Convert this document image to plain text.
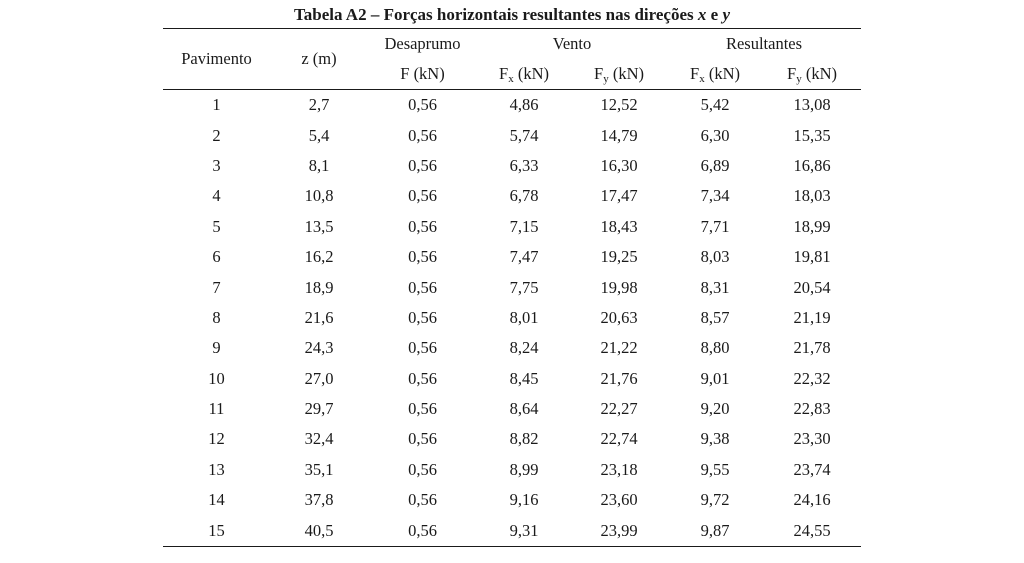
Tabela A2 – Forças horizontais resultantes nas direções x e y
Pavimento	z (m)	Desaprumo	Vento		Resultantes	
		F (kN)	$F_x$ (kN)	$F_y$ (kN)	$F_x$ (kN)	$F_y$ (kN)
1	2,7	0,56	4,86	12,52	5,42	13,08
2	5,4	0,56	5,74	14,79	6,30	15,35
3	8,1	0,56	6,33	16,30	6,89	16,86
4	10,8	0,56	6,78	17,47	7,34	18,03
5	13,5	0,56	7,15	18,43	7,71	18,99
6	16,2	0,56	7,47	19,25	8,03	19,81
7	18,9	0,56	7,75	19,98	8,31	20,54
8	21,6	0,56	8,01	20,63	8,57	21,19
9	24,3	0,56	8,24	21,22	8,80	21,78
10	27,0	0,56	8,45	21,76	9,01	22,32
11	29,7	0,56	8,64	22,27	9,20	22,83
12	32,4	0,56	8,82	22,74	9,38	23,30
13	35,1	0,56	8,99	23,18	9,55	23,74
14	37,8	0,56	9,16	23,60	9,72	24,16
15	40,5	0,56	9,31	23,99	9,87	24,55
